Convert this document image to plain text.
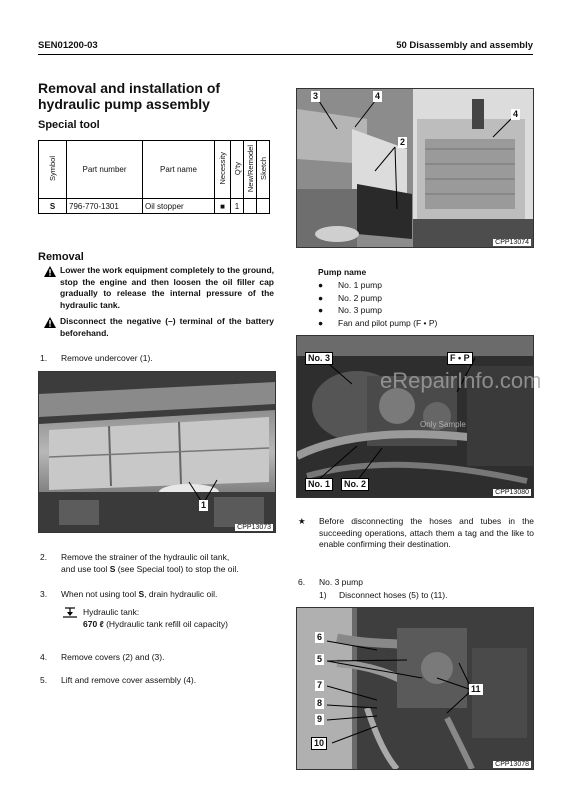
SEN01200-03	50 Disassembly and assembly
Removal and installation of
hydraulic pump assembly
Special tool
Symbol	Part number	Part name	Necessity	Q'ty	New/Remodel	Sketch
S	796-770-1301	Oil stopper	■	1		
Removal
Lower the work equipment completely to the ground, stop the engine and then loosen the oil filler cap gradually to release the internal pressure of the hydraulic tank.
Disconnect the negative (–) terminal of the battery beforehand.
1.	Remove undercover (1).
1
CPP13073
2.	Remove the strainer of the hydraulic oil tank,
and use tool S (see Special tool) to stop the oil.
3.	When not using tool S, drain hydraulic oil.
Hydraulic tank:
670 ℓ (Hydraulic tank refill oil capacity)
4.	Remove covers (2) and (3).
5.	Lift and remove cover assembly (4).
3	4
2
4
CPP13074
Pump name
● No. 1 pump
● No. 2 pump
● No. 3 pump
● Fan and pilot pump (F • P)
No. 3	F • P
No. 1	No. 2
CPP13080
eRepairInfo.com
Only Sample
★	Before disconnecting the hoses and tubes in the succeeding operations, attach them a tag and the like to enable confirming their destination.
6.	No. 3 pump
1)	Disconnect hoses (5) to (11).
6
5
7
8
9
10
11
CPP13078
